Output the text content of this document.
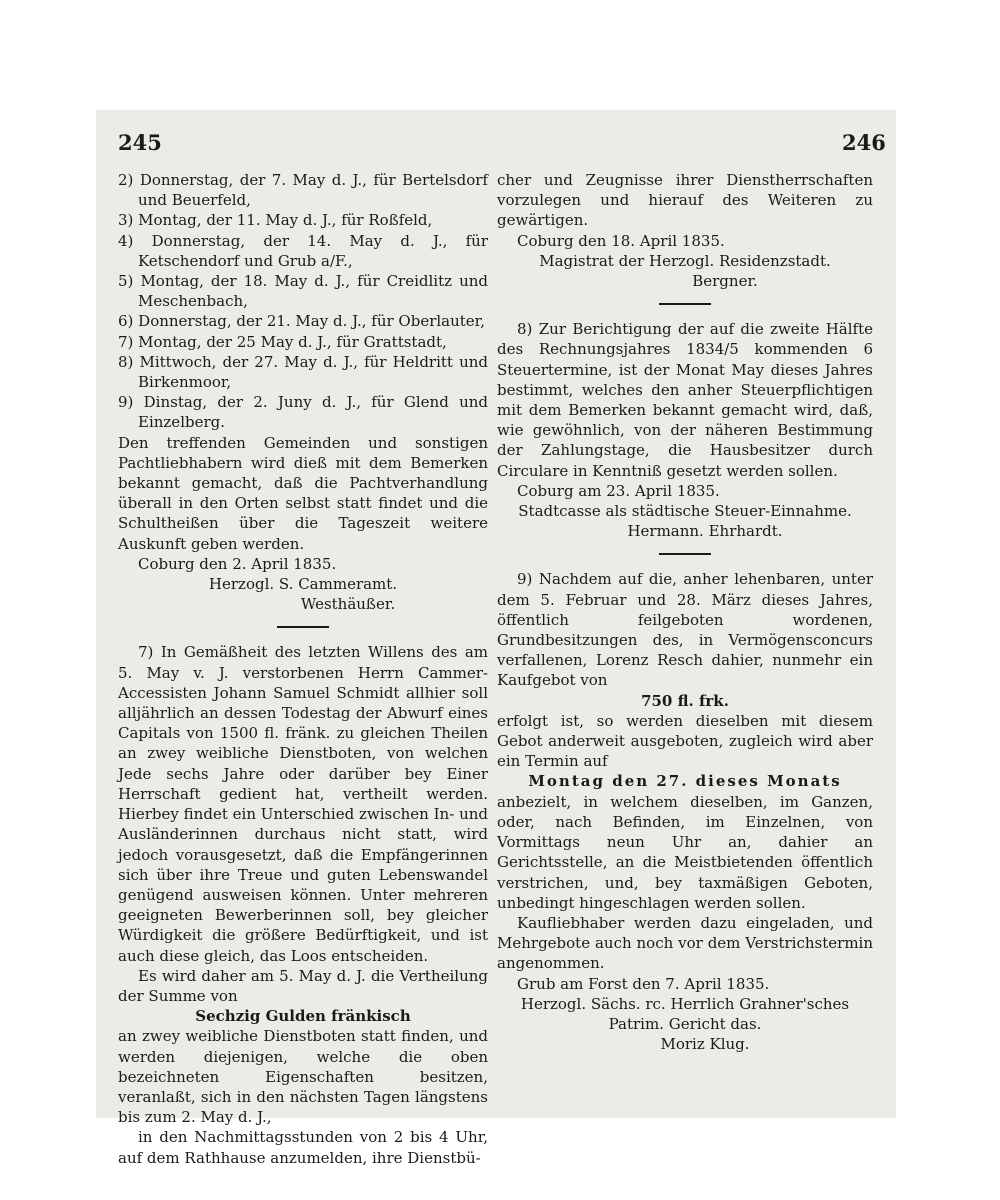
245	246

2) Donnerstag, der 7. May d. J., für Bertelsdorf und Beuerfeld,

3) Montag, der 11. May d. J., für Roßfeld,

4) Donnerstag, der 14. May d. J., für Ketschendorf und Grub a/F.,

5) Montag, der 18. May d. J., für Creidlitz und Meschenbach,

6) Donnerstag, der 21. May d. J., für Oberlauter,

7) Montag, der 25 May d. J., für Grattstadt,

8) Mittwoch, der 27. May d. J., für Heldritt und Birkenmoor,

9) Dinstag, der 2. Juny d. J., für Glend und Einzelberg.

Den treffenden Gemeinden und sonstigen Pachtliebhabern wird dieß mit dem Bemerken bekannt gemacht, daß die Pachtverhandlung überall in den Orten selbst statt findet und die Schultheißen über die Tageszeit weitere Auskunft geben werden.

Coburg den 2. April 1835.

Herzogl. S. Cammeramt.

Westhäußer.

7) In Gemäßheit des letzten Willens des am 5. May v. J. verstorbenen Herrn Cammer-Accessisten Johann Samuel Schmidt allhier soll alljährlich an dessen Todestag der Abwurf eines Capitals von 1500 fl. fränk. zu gleichen Theilen an zwey weibliche Dienstboten, von welchen Jede sechs Jahre oder darüber bey Einer Herrschaft gedient hat, vertheilt werden. Hierbey findet ein Unterschied zwischen In- und Ausländerinnen durchaus nicht statt, wird jedoch vorausgesetzt, daß die Empfängerinnen sich über ihre Treue und guten Lebenswandel genügend ausweisen können. Unter mehreren geeigneten Bewerberinnen soll, bey gleicher Würdigkeit die größere Bedürftigkeit, und ist auch diese gleich, das Loos entscheiden.

Es wird daher am 5. May d. J. die Vertheilung der Summe von

Sechzig Gulden fränkisch

an zwey weibliche Dienstboten statt finden, und werden diejenigen, welche die oben bezeichneten Eigenschaften besitzen, veranlaßt, sich in den nächsten Tagen längstens bis zum 2. May d. J.,

in den Nachmittagsstunden von 2 bis 4 Uhr, auf dem Rathhause anzumelden, ihre Dienstbü-

cher und Zeugnisse ihrer Dienstherrschaften vorzulegen und hierauf des Weiteren zu gewärtigen.

Coburg den 18. April 1835.

Magistrat der Herzogl. Residenzstadt.

Bergner.

8) Zur Berichtigung der auf die zweite Hälfte des Rechnungsjahres 1834/5 kommenden 6 Steuertermine, ist der Monat May dieses Jahres bestimmt, welches den anher Steuerpflichtigen mit dem Bemerken bekannt gemacht wird, daß, wie gewöhnlich, von der näheren Bestimmung der Zahlungstage, die Hausbesitzer durch Circulare in Kenntniß gesetzt werden sollen.

Coburg am 23. April 1835.

Stadtcasse als städtische Steuer-Einnahme.

Hermann. Ehrhardt.

9) Nachdem auf die, anher lehenbaren, unter dem 5. Februar und 28. März dieses Jahres, öffentlich feilgeboten wordenen, Grundbesitzungen des, in Vermögensconcurs verfallenen, Lorenz Resch dahier, nunmehr ein Kaufgebot von

750 fl. frk.

erfolgt ist, so werden dieselben mit diesem Gebot anderweit ausgeboten, zugleich wird aber ein Termin auf

Montag den 27. dieses Monats

anbezielt, in welchem dieselben, im Ganzen, oder, nach Befinden, im Einzelnen, von Vormittags neun Uhr an, dahier an Gerichtsstelle, an die Meistbietenden öffentlich verstrichen, und, bey taxmäßigen Geboten, unbedingt hingeschlagen werden sollen.

Kaufliebhaber werden dazu eingeladen, und Mehrgebote auch noch vor dem Verstrichstermin angenommen.

Grub am Forst den 7. April 1835.

Herzogl. Sächs. rc. Herrlich Grahner'sches Patrim. Gericht das.

Moriz Klug.
